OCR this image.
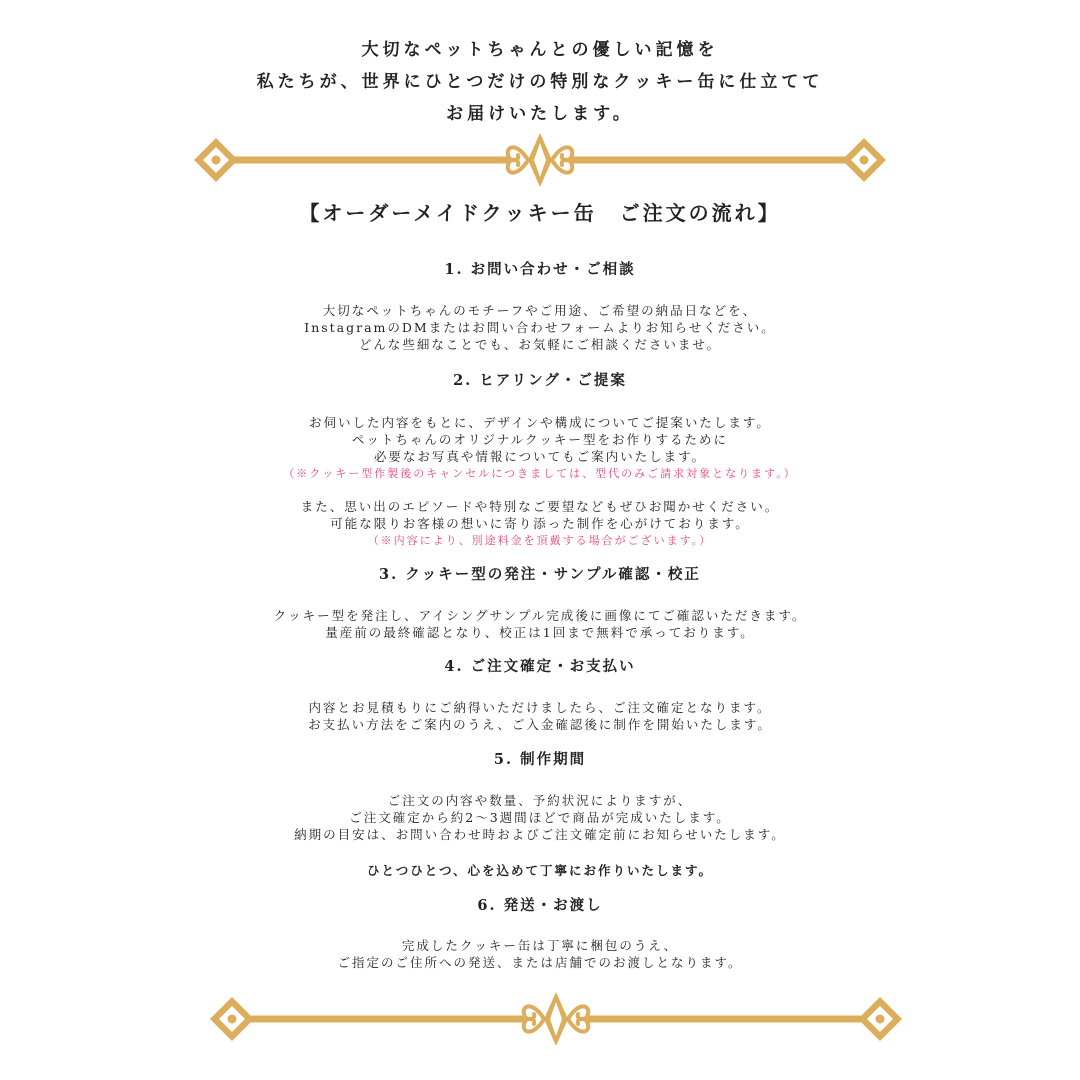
大切なペットちゃんとの優しい記憶を

私たちが、世界にひとつだけの特別なクッキー缶に仕立てて

お届けいたします。

【オーダーメイドクッキー缶　ご注文の流れ】
1. お問い合わせ・ご相談

大切なペットちゃんのモチーフやご用途、ご希望の納品日などを、

InstagramのDMまたはお問い合わせフォームよりお知らせください。

どんな些細なことでも、お気軽にご相談くださいませ。

2. ヒアリング・ご提案

お伺いした内容をもとに、デザインや構成についてご提案いたします。

ペットちゃんのオリジナルクッキー型をお作りするために

必要なお写真や情報についてもご案内いたします。

（※クッキー型作製後のキャンセルにつきましては、型代のみご請求対象となります。）

また、思い出のエピソードや特別なご要望などもぜひお聞かせください。

可能な限りお客様の想いに寄り添った制作を心がけております。

（※内容により、別途料金を頂戴する場合がございます。）

3. クッキー型の発注・サンプル確認・校正

クッキー型を発注し、アイシングサンプル完成後に画像にてご確認いただきます。

量産前の最終確認となり、校正は1回まで無料で承っております。

4. ご注文確定・お支払い

内容とお見積もりにご納得いただけましたら、ご注文確定となります。

お支払い方法をご案内のうえ、ご入金確認後に制作を開始いたします。

5. 制作期間

ご注文の内容や数量、予約状況によりますが、

ご注文確定から約2〜3週間ほどで商品が完成いたします。

納期の目安は、お問い合わせ時およびご注文確定前にお知らせいたします。

ひとつひとつ、心を込めて丁寧にお作りいたします。

6. 発送・お渡し

完成したクッキー缶は丁寧に梱包のうえ、

ご指定のご住所への発送、または店舗でのお渡しとなります。
